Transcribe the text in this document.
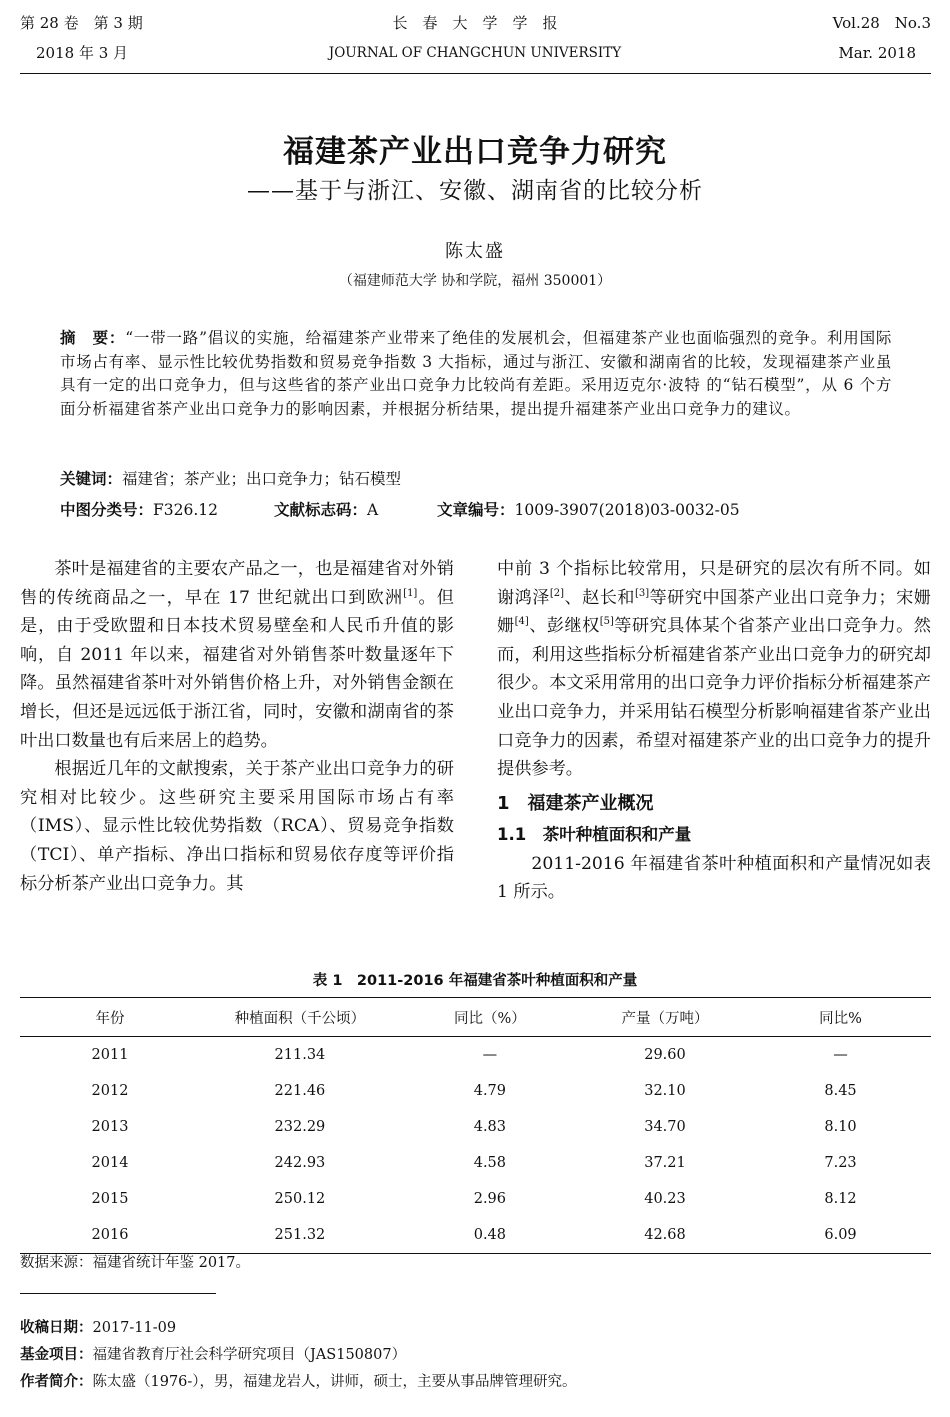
第 28 卷　第 3 期
2018 年 3 月
长　春　大　学　学　报
JOURNAL OF CHANGCHUN UNIVERSITY
Vol.28　No.3
Mar. 2018
福建茶产业出口竞争力研究
——基于与浙江、安徽、湖南省的比较分析
陈太盛
（福建师范大学 协和学院，福州 350001）
摘　要：“一带一路”倡议的实施，给福建茶产业带来了绝佳的发展机会，但福建茶产业也面临强烈的竞争。利用国际市场占有率、显示性比较优势指数和贸易竞争指数 3 大指标，通过与浙江、安徽和湖南省的比较，发现福建茶产业虽具有一定的出口竞争力，但与这些省的茶产业出口竞争力比较尚有差距。采用迈克尔·波特 的“钻石模型”，从 6 个方面分析福建省茶产业出口竞争力的影响因素，并根据分析结果，提出提升福建茶产业出口竞争力的建议。
关键词：福建省；茶产业；出口竞争力；钻石模型
中图分类号：F326.12	文献标志码：A	文章编号：1009-3907(2018)03-0032-05

茶叶是福建省的主要农产品之一，也是福建省对外销售的传统商品之一，早在 17 世纪就出口到欧洲[1]。但是，由于受欧盟和日本技术贸易壁垒和人民币升值的影响，自 2011 年以来，福建省对外销售茶叶数量逐年下降。虽然福建省茶叶对外销售价格上升，对外销售金额在增长，但还是远远低于浙江省，同时，安徽和湖南省的茶叶出口数量也有后来居上的趋势。

根据近几年的文献搜索，关于茶产业出口竞争力的研究相对比较少。这些研究主要采用国际市场占有率（IMS）、显示性比较优势指数（RCA）、贸易竞争指数（TCI）、单产指标、净出口指标和贸易依存度等评价指标分析茶产业出口竞争力。其

中前 3 个指标比较常用，只是研究的层次有所不同。如谢鸿泽[2]、赵长和[3]等研究中国茶产业出口竞争力；宋姗姗[4]、彭继权[5]等研究具体某个省茶产业出口竞争力。然而，利用这些指标分析福建省茶产业出口竞争力的研究却很少。本文采用常用的出口竞争力评价指标分析福建茶产业出口竞争力，并采用钻石模型分析影响福建省茶产业出口竞争力的因素，希望对福建茶产业的出口竞争力的提升提供参考。

1　福建茶产业概况
1.1　茶叶种植面积和产量

2011-2016 年福建省茶叶种植面积和产量情况如表 1 所示。

表 1　2011-2016 年福建省茶叶种植面积和产量
年份	种植面积（千公顷）	同比（%）	产量（万吨）	同比%
2011	211.34	—	29.60	—
2012	221.46	4.79	32.10	8.45
2013	232.29	4.83	34.70	8.10
2014	242.93	4.58	37.21	7.23
2015	250.12	2.96	40.23	8.12
2016	251.32	0.48	42.68	6.09
数据来源：福建省统计年鉴 2017。
收稿日期：2017-11-09
基金项目：福建省教育厅社会科学研究项目（JAS150807）
作者简介：陈太盛（1976-），男，福建龙岩人，讲师，硕士，主要从事品牌管理研究。
